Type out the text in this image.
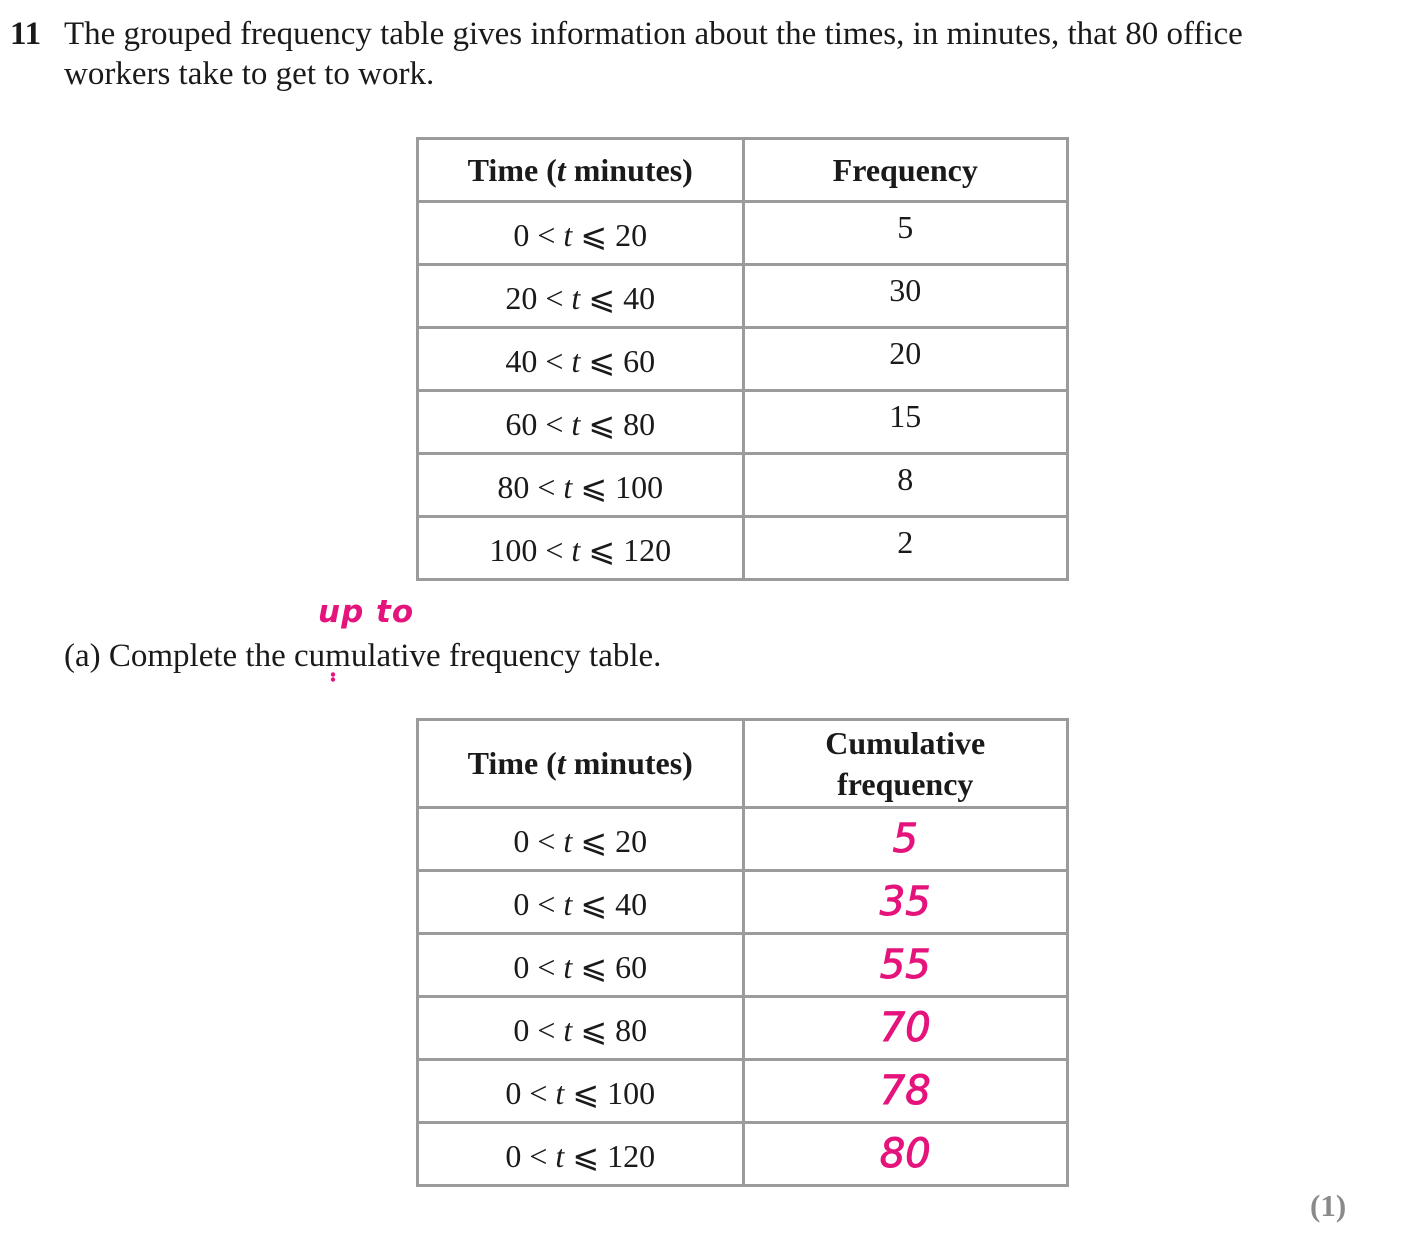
11 The grouped frequency table gives information about the times, in minutes, that 80 office
workers take to get to work.
Time (t minutes)	Frequency
0 < t ⩽ 20	5
20 < t ⩽ 40	30
40 < t ⩽ 60	20
60 < t ⩽ 80	15
80 < t ⩽ 100	8
100 < t ⩽ 120	2
up to
(a) Complete the cumulative frequency table.
Time (t minutes)	Cumulative
frequency

0 < t ⩽ 20	5
0 < t ⩽ 40	35
0 < t ⩽ 60	55
0 < t ⩽ 80	70
0 < t ⩽ 100	78
0 < t ⩽ 120	80
(1)
